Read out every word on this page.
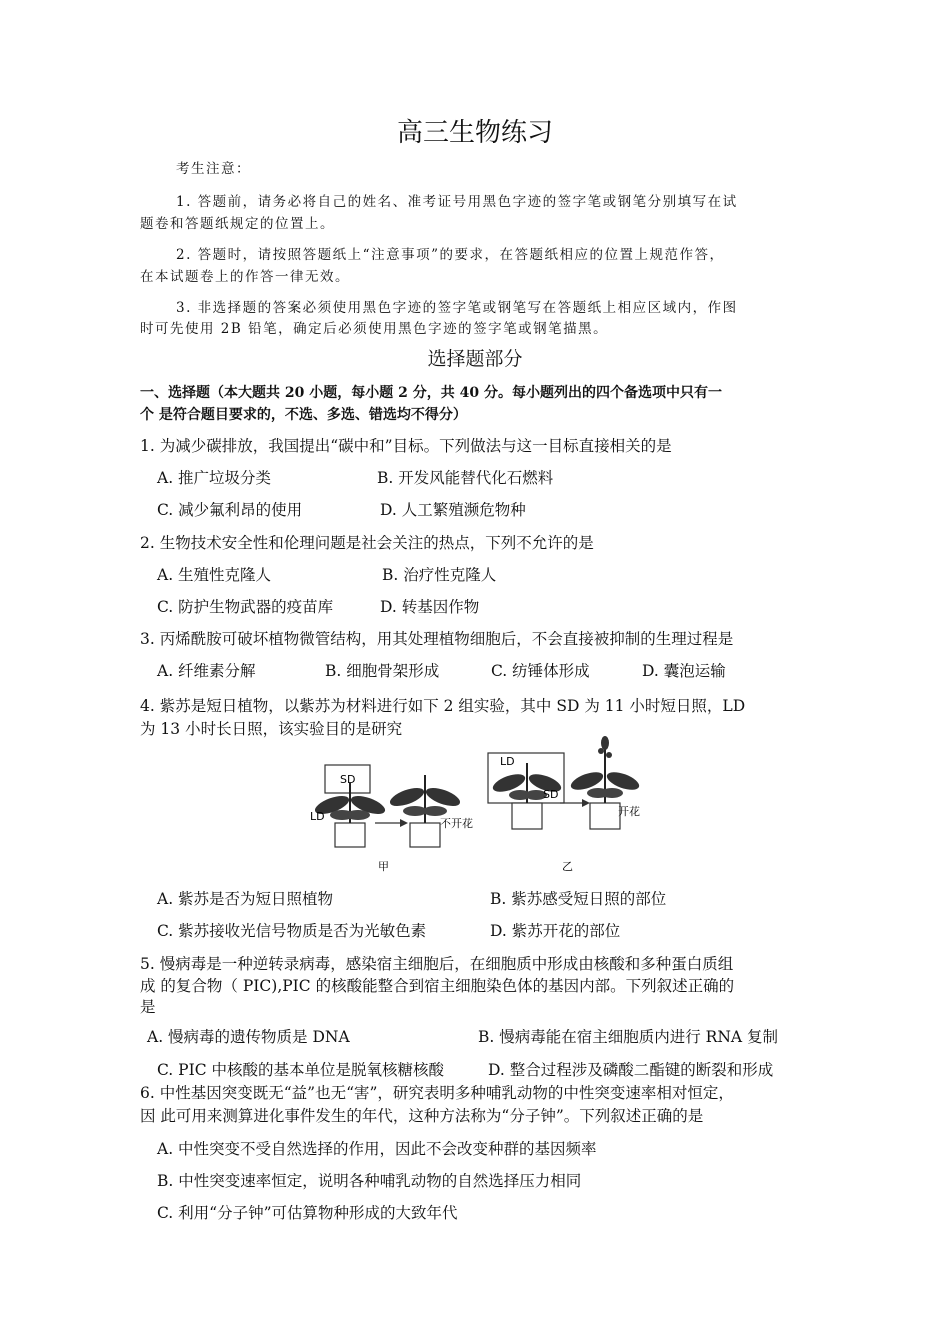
高三生物练习
考生注意：
1. 答题前，请务必将自己的姓名、准考证号用黑色字迹的签字笔或钢笔分别填写在试
题卷和答题纸规定的位置上。
2. 答题时，请按照答题纸上“注意事项”的要求，在答题纸相应的位置上规范作答，
在本试题卷上的作答一律无效。
3. 非选择题的答案必须使用黑色字迹的签字笔或钢笔写在答题纸上相应区域内，作图
时可先使用 2B 铅笔，确定后必须使用黑色字迹的签字笔或钢笔描黑。
选择题部分
一、选择题（本大题共 20 小题，每小题 2 分，共 40 分。每小题列出的四个备选项中只有一
个 是符合题目要求的，不选、多选、错选均不得分）
1. 为减少碳排放，我国提出“碳中和”目标。下列做法与这一目标直接相关的是
A. 推广垃圾分类	B. 开发风能替代化石燃料
C. 减少氟利昂的使用	D. 人工繁殖濒危物种
2. 生物技术安全性和伦理问题是社会关注的热点，下列不允许的是
A. 生殖性克隆人	B. 治疗性克隆人
C. 防护生物武器的疫苗库	D. 转基因作物
3. 丙烯酰胺可破坏植物微管结构，用其处理植物细胞后，不会直接被抑制的生理过程是
A. 纤维素分解	B. 细胞骨架形成	C. 纺锤体形成	D. 囊泡运输
4. 紫苏是短日植物，以紫苏为材料进行如下 2 组实验，其中 SD 为 11 小时短日照，LD
为 13 小时长日照，该实验目的是研究
SD
LD
不开花
甲
LD
SD
开花
乙
A. 紫苏是否为短日照植物	B. 紫苏感受短日照的部位
C. 紫苏接收光信号物质是否为光敏色素	D. 紫苏开花的部位
5. 慢病毒是一种逆转录病毒，感染宿主细胞后，在细胞质中形成由核酸和多种蛋白质组
成 的复合物（ PIC),PIC 的核酸能整合到宿主细胞染色体的基因内部。下列叙述正确的
是
A. 慢病毒的遗传物质是 DNA	B. 慢病毒能在宿主细胞质内进行 RNA 复制
C. PIC 中核酸的基本单位是脱氧核糖核酸	D. 整合过程涉及磷酸二酯键的断裂和形成
6. 中性基因突变既无“益”也无“害”，研究表明多种哺乳动物的中性突变速率相对恒定，
因 此可用来测算进化事件发生的年代，这种方法称为“分子钟”。下列叙述正确的是
A. 中性突变不受自然选择的作用，因此不会改变种群的基因频率
B. 中性突变速率恒定，说明各种哺乳动物的自然选择压力相同
C. 利用“分子钟”可估算物种形成的大致年代
